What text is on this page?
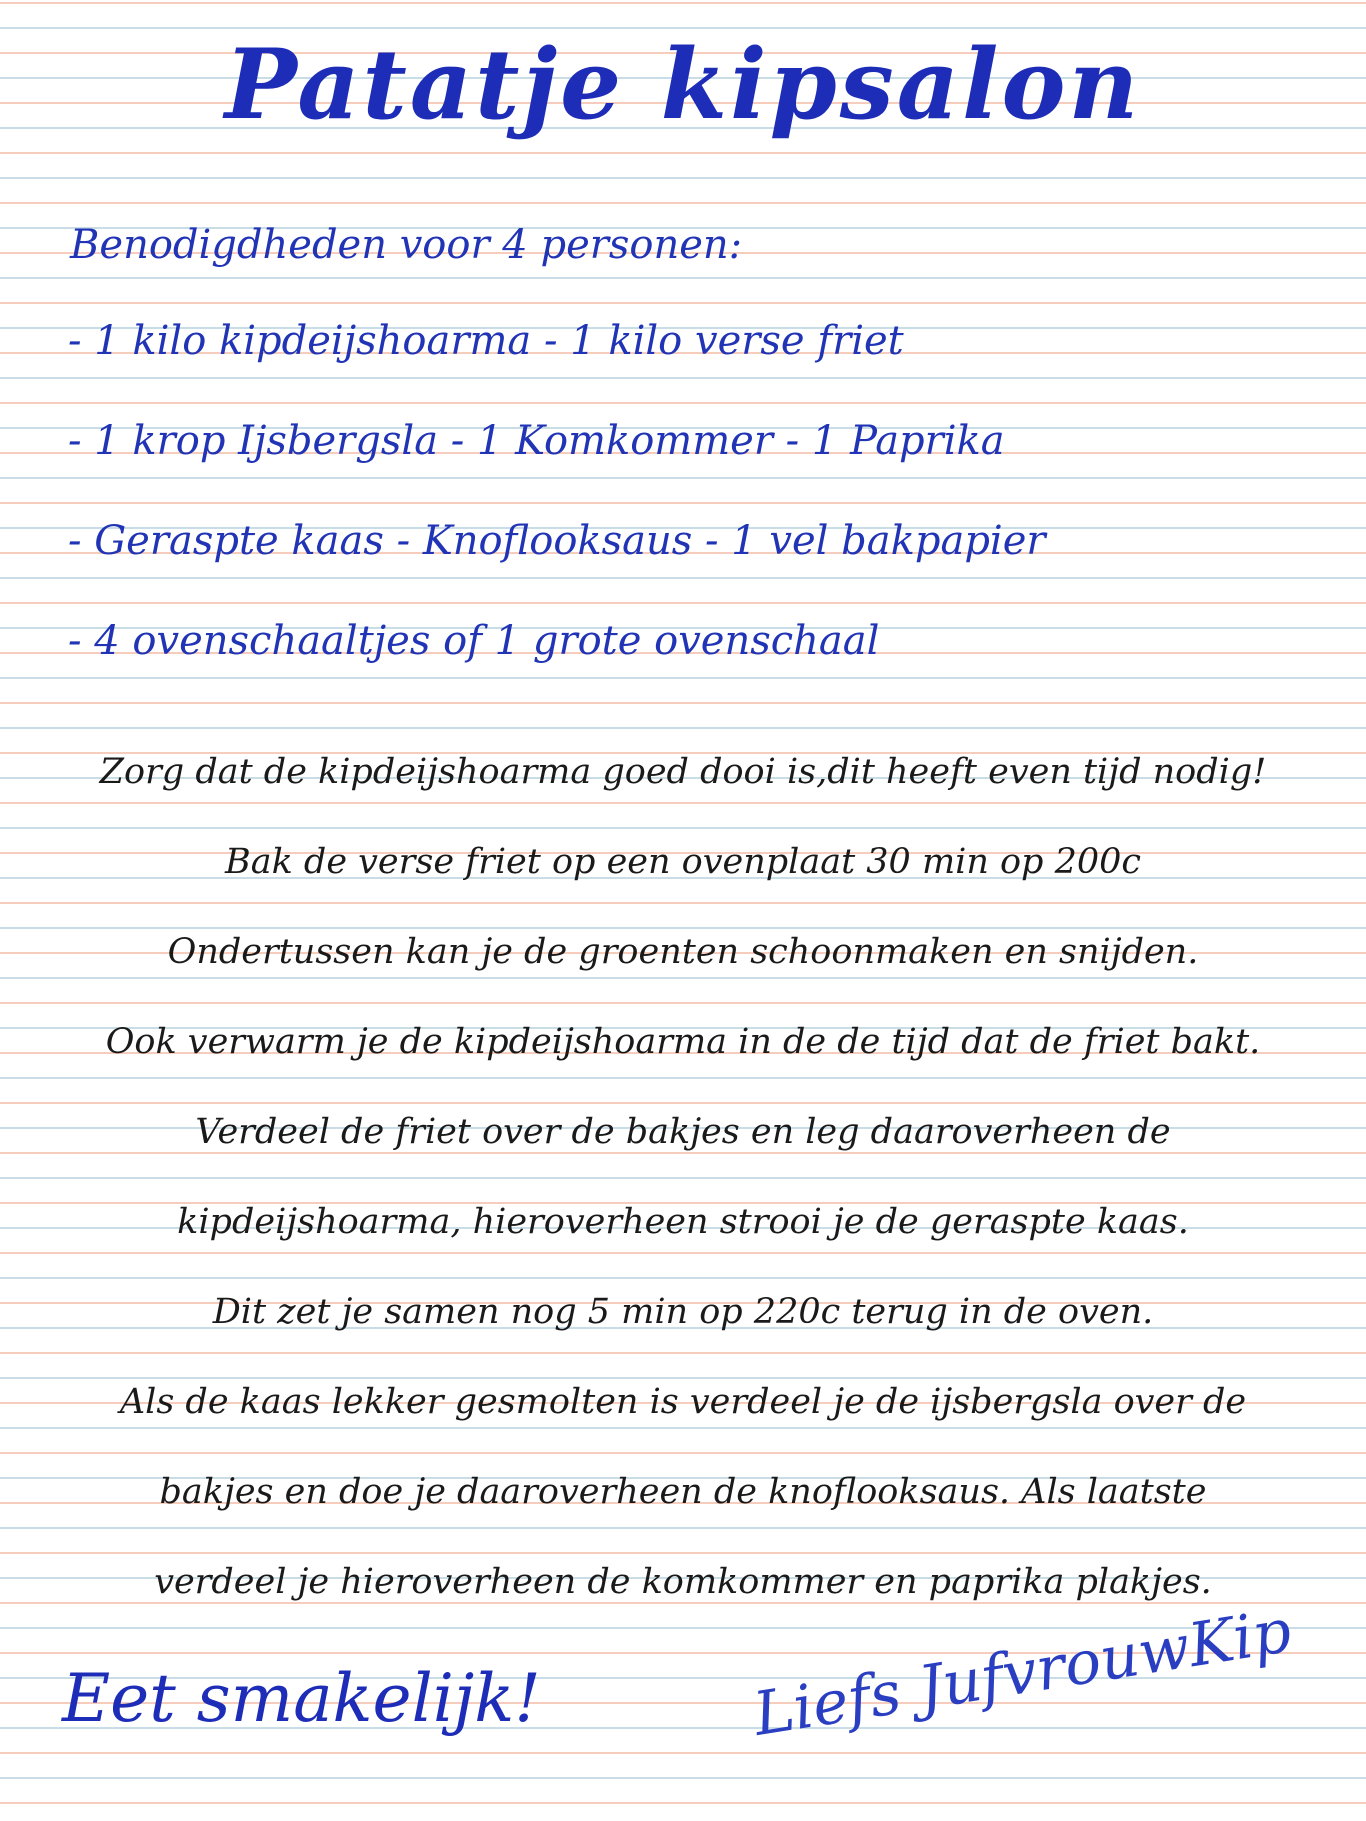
Patatje kipsalon

Benodigdheden voor 4 personen:

- 1 kilo kipdeijshoarma - 1 kilo verse friet

- 1 krop Ijsbergsla - 1 Komkommer - 1 Paprika

- Geraspte kaas - Knoflooksaus - 1 vel bakpapier

- 4 ovenschaaltjes of 1 grote ovenschaal

Zorg dat de kipdeijshoarma goed dooi is,dit heeft even tijd nodig!

Bak de verse friet op een ovenplaat 30 min op 200c

Ondertussen kan je de groenten schoonmaken en snijden.

Ook verwarm je de kipdeijshoarma in de de tijd dat de friet bakt.

Verdeel de friet over de bakjes en leg daaroverheen de

kipdeijshoarma, hieroverheen strooi je de geraspte kaas.

Dit zet je samen nog 5 min op 220c terug in de oven.

Als de kaas lekker gesmolten is verdeel je de ijsbergsla over de

bakjes en doe je daaroverheen de knoflooksaus. Als laatste

verdeel je hieroverheen de komkommer en paprika plakjes.

Eet smakelijk!	Liefs JufvrouwKip
